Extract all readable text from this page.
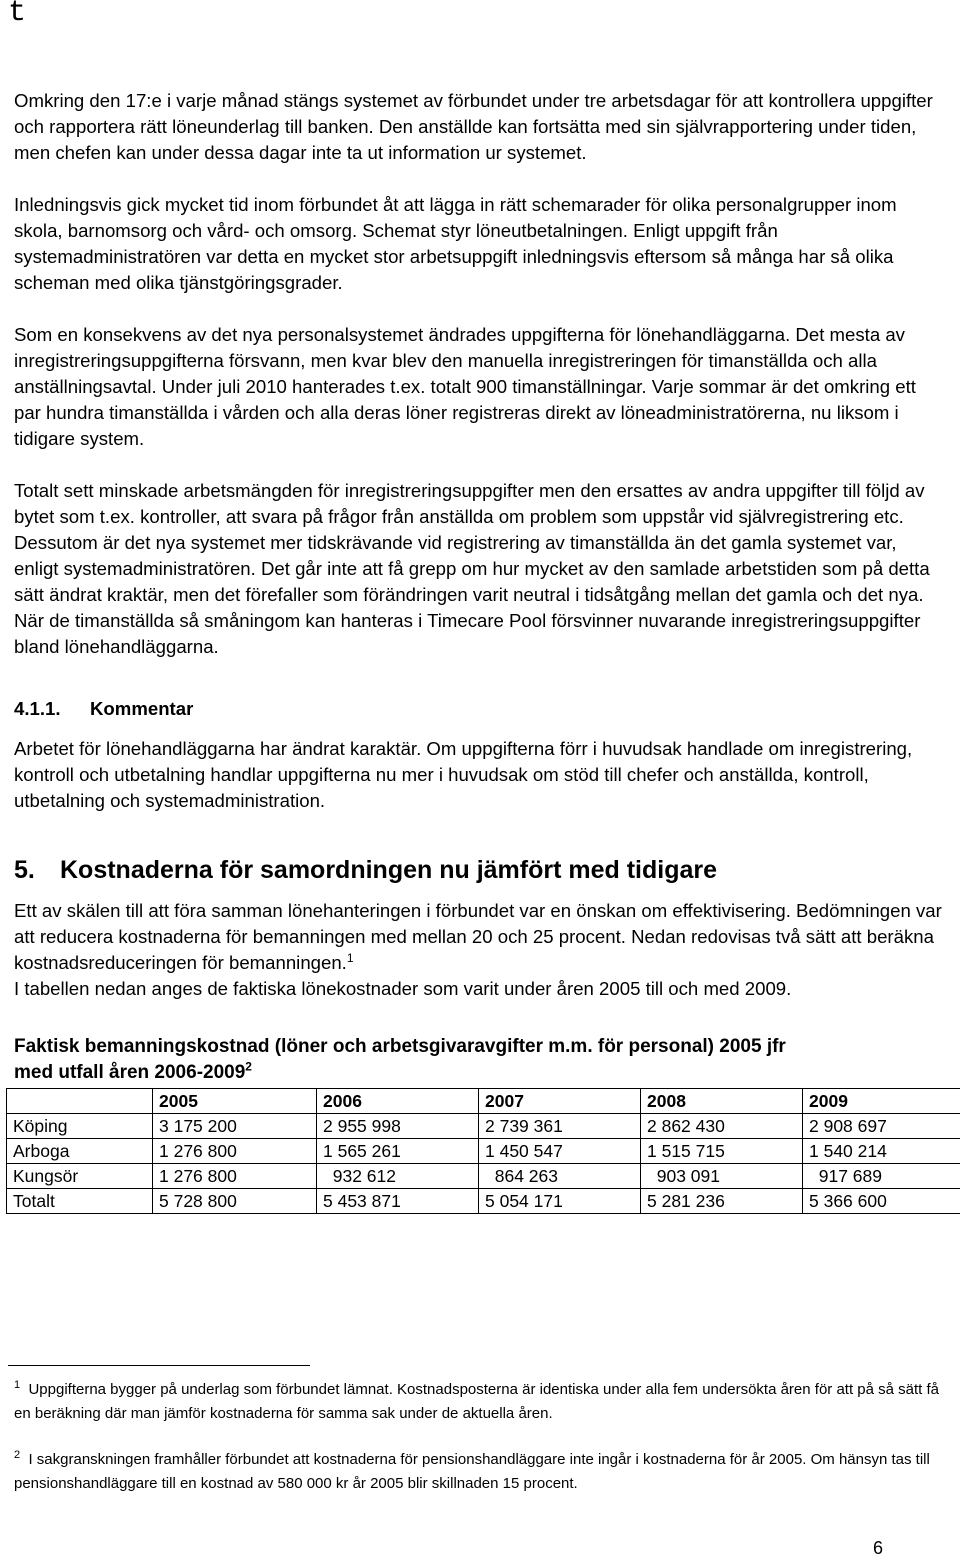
t

Omkring den 17:e i varje månad stängs systemet av förbundet under tre arbetsdagar för att kontrollera uppgifter och rapportera rätt löneunderlag till banken. Den anställde kan fortsätta med sin självrapportering under tiden, men chefen kan under dessa dagar inte ta ut information ur systemet.

Inledningsvis gick mycket tid inom förbundet åt att lägga in rätt schemarader för olika personalgrupper inom skola, barnomsorg och vård- och omsorg. Schemat styr löneutbetalningen. Enligt uppgift från systemadministratören var detta en mycket stor arbetsuppgift inledningsvis eftersom så många har så olika scheman med olika tjänstgöringsgrader.

Som en konsekvens av det nya personalsystemet ändrades uppgifterna för lönehandläggarna. Det mesta av inregistreringsuppgifterna försvann, men kvar blev den manuella inregistreringen för timanställda och alla anställningsavtal. Under juli 2010 hanterades t.ex. totalt 900 timanställningar. Varje sommar är det omkring ett par hundra timanställda i vården och alla deras löner registreras direkt av löneadministratörerna, nu liksom i tidigare system.

Totalt sett minskade arbetsmängden för inregistreringsuppgifter men den ersattes av andra uppgifter till följd av bytet som t.ex. kontroller, att svara på frågor från anställda om problem som uppstår vid självregistrering etc. Dessutom är det nya systemet mer tidskrävande vid registrering av timanställda än det gamla systemet var, enligt systemadministratören. Det går inte att få grepp om hur mycket av den samlade arbetstiden som på detta sätt ändrat kraktär, men det förefaller som förändringen varit neutral i tidsåtgång mellan det gamla och det nya. När de timanställda så småningom kan hanteras i Timecare Pool försvinner nuvarande inregistreringsuppgifter bland lönehandläggarna.

4.1.1. Kommentar

Arbetet för lönehandläggarna har ändrat karaktär. Om uppgifterna förr i huvudsak handlade om inregistrering, kontroll och utbetalning handlar uppgifterna nu mer i huvudsak om stöd till chefer och anställda, kontroll, utbetalning och systemadministration.

5. Kostnaderna för samordningen nu jämfört med tidigare

Ett av skälen till att föra samman lönehanteringen i förbundet var en önskan om effektivisering. Bedömningen var att reducera kostnaderna för bemanningen med mellan 20 och 25 procent. Nedan redovisas två sätt att beräkna kostnadsreduceringen för bemanningen.$^1$

I tabellen nedan anges de faktiska lönekostnader som varit under åren 2005 till och med 2009.

Faktisk bemanningskostnad (löner och arbetsgivaravgifter m.m. för personal) 2005 jfr
med utfall åren 2006-2009$^2$
	2005	2006	2007	2008	2009
Köping	3 175 200	2 955 998	2 739 361	2 862 430	2 908 697
Arboga	1 276 800	1 565 261	1 450 547	1 515 715	1 540 214
Kungsör	1 276 800	932 612	864 263	903 091	917 689
Totalt	5 728 800	5 453 871	5 054 171	5 281 236	5 366 600
$^1$ Uppgifterna bygger på underlag som förbundet lämnat. Kostnadsposterna är identiska under alla fem undersökta åren för att på så sätt få en beräkning där man jämför kostnaderna för samma sak under de aktuella åren.
$^2$ I sakgranskningen framhåller förbundet att kostnaderna för pensionshandläggare inte ingår i kostnaderna för år 2005. Om hänsyn tas till pensionshandläggare till en kostnad av 580 000 kr år 2005 blir skillnaden 15 procent.
6
